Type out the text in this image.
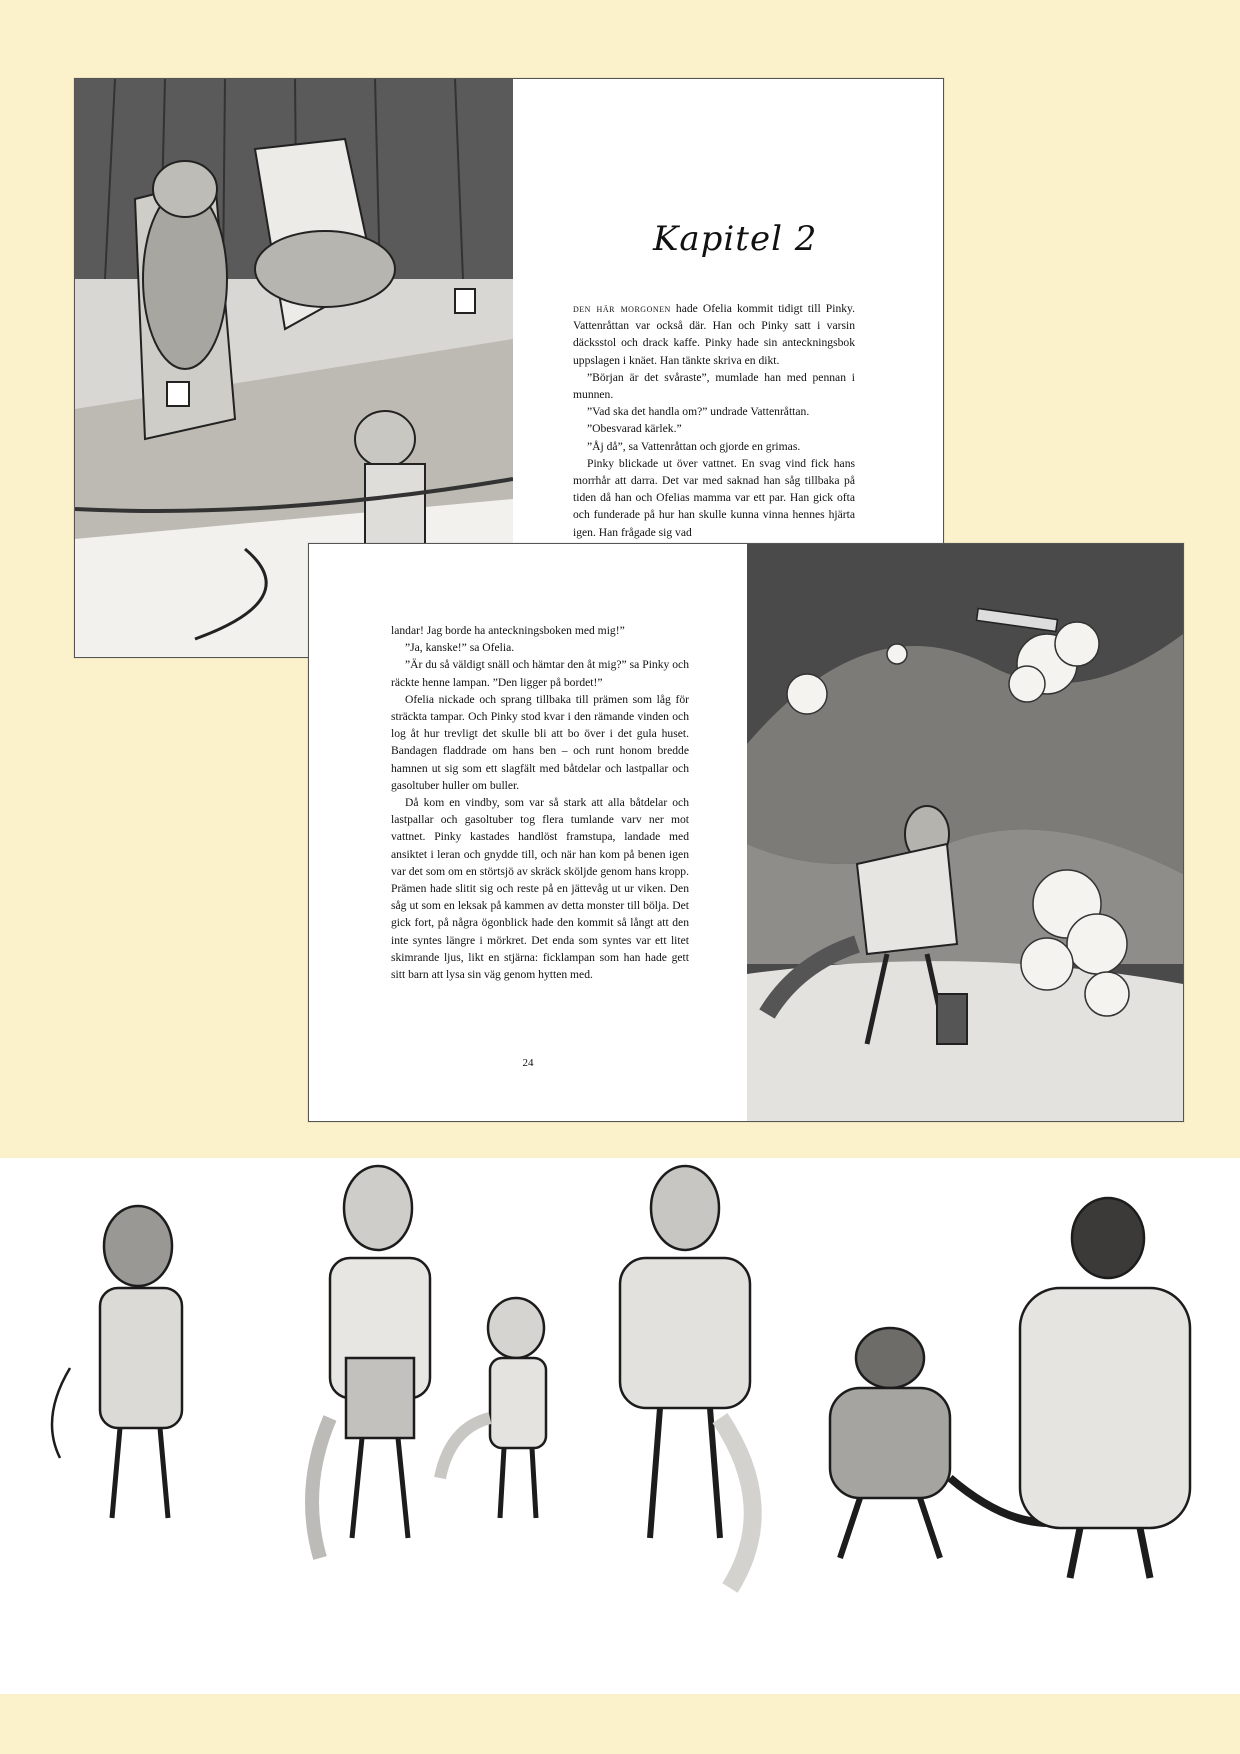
Kapitel 2

den här morgonen hade Ofelia kommit tidigt till Pinky. Vattenråttan var också där. Han och Pinky satt i varsin däcksstol och drack kaffe. Pinky hade sin anteckningsbok uppslagen i knäet. Han tänkte skriva en dikt.

”Början är det svåraste”, mumlade han med pennan i munnen.

”Vad ska det handla om?” undrade Vattenråttan.

”Obesvarad kärlek.”

”Åj då”, sa Vattenråttan och gjorde en grimas.

Pinky blickade ut över vattnet. En svag vind fick hans morrhår att darra. Det var med saknad han såg tillbaka på tiden då han och Ofelias mamma var ett par. Han gick ofta och funderade på hur han skulle kunna vinna hennes hjärta igen. Han frågade sig vad

landar! Jag borde ha anteckningsboken med mig!”

”Ja, kanske!” sa Ofelia.

”Är du så väldigt snäll och hämtar den åt mig?” sa Pinky och räckte henne lampan. ”Den ligger på bordet!”

Ofelia nickade och sprang tillbaka till prämen som låg för sträckta tampar. Och Pinky stod kvar i den rämande vinden och log åt hur trevligt det skulle bli att bo över i det gula huset. Bandagen fladdrade om hans ben – och runt honom bredde hamnen ut sig som ett slagfält med båtdelar och lastpallar och gasoltuber huller om buller.

Då kom en vindby, som var så stark att alla båtdelar och lastpallar och gasoltuber tog flera tumlande varv ner mot vattnet. Pinky kastades handlöst framstupa, landade med ansiktet i leran och gnydde till, och när han kom på benen igen var det som om en störtsjö av skräck sköljde genom hans kropp. Prämen hade slitit sig och reste på en jättevåg ut ur viken. Den såg ut som en leksak på kammen av detta monster till bölja. Det gick fort, på några ögonblick hade den kommit så långt att den inte syntes längre i mörkret. Det enda som syntes var ett litet skimrande ljus, likt en stjärna: ficklampan som han hade gett sitt barn att lysa sin väg genom hytten med.

24
